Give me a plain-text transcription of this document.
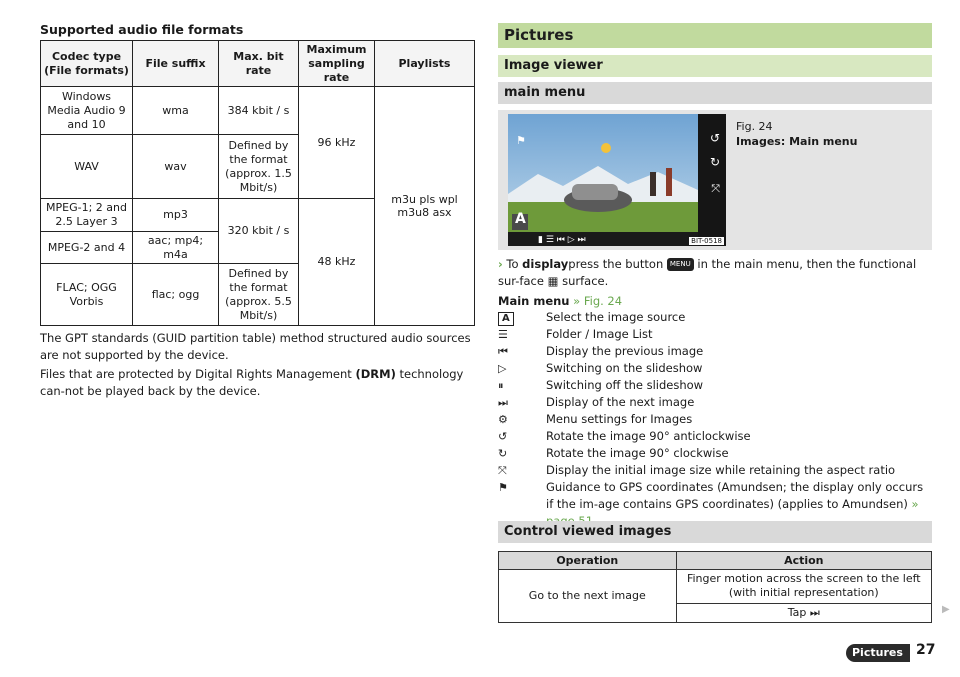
Supported audio file formats
Codec type (File formats)	File suffix	Max. bit rate	Maximum sampling rate	Playlists
Windows Media Audio 9 and 10	wma	384 kbit / s	96 kHz	m3u pls wpl m3u8 asx
WAV	wav	Defined by the format (approx. 1.5 Mbit/s)		
MPEG-1; 2 and 2.5 Layer 3	mp3	320 kbit / s	48 kHz	
MPEG-2 and 4	aac; mp4; m4a			
FLAC; OGG Vorbis	flac; ogg	Defined by the format (approx. 5.5 Mbit/s)		
The GPT standards (GUID partition table) method structured audio sources are not supported by the device.
Files that are protected by Digital Rights Management (DRM) technology can-not be played back by the device.
Pictures
Image viewer
main menu
↺
↻
⤧
⚑
▮ ☰ ⏮ ▷ ⏭
A
BIT-0518
Fig. 24
Images: Main menu
› To displaypress the button MENU in the main menu, then the functional sur-face ▦ surface.
Main menu » Fig. 24
A	Select the image source
☰	Folder / Image List
⏮	Display the previous image
▷	Switching on the slideshow
⏸	Switching off the slideshow
⏭	Display of the next image
⚙	Menu settings for Images
↺	Rotate the image 90° anticlockwise
↻	Rotate the image 90° clockwise
⤧	Display the initial image size while retaining the aspect ratio
⚑	Guidance to GPS coordinates (Amundsen; the display only occurs if the im-age contains GPS coordinates) (applies to Amundsen) »
Control viewed images
Operation	Action
Go to the next image	Finger motion across the screen to the left (with initial representation)
	Tap ⏭	▶
Pictures 27
